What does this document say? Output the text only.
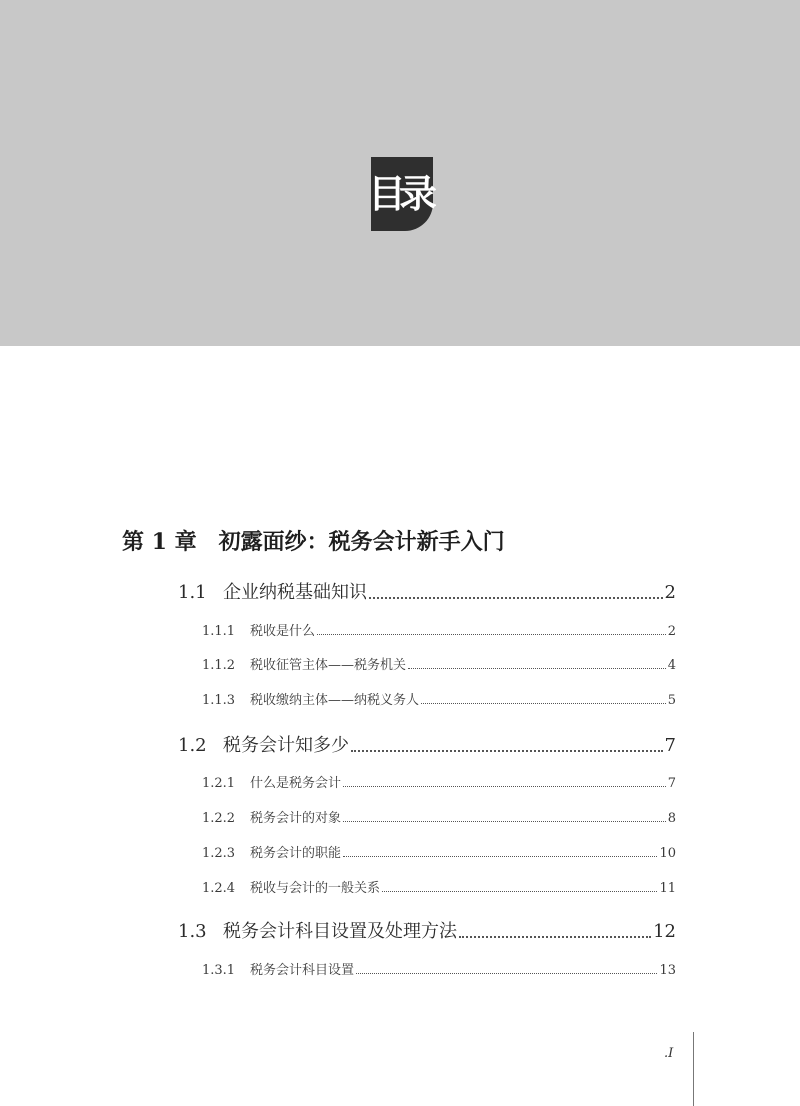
目录
第 1 章 初露面纱：税务会计新手入门
1.1 企业纳税基础知识	2
1.1.1	税收是什么	2
1.1.2	税收征管主体——税务机关	4
1.1.3	税收缴纳主体——纳税义务人	5
1.2 税务会计知多少	7
1.2.1	什么是税务会计	7
1.2.2	税务会计的对象	8
1.2.3	税务会计的职能	10
1.2.4	税收与会计的一般关系	11
1.3 税务会计科目设置及处理方法	12
1.3.1	税务会计科目设置	13
.I
